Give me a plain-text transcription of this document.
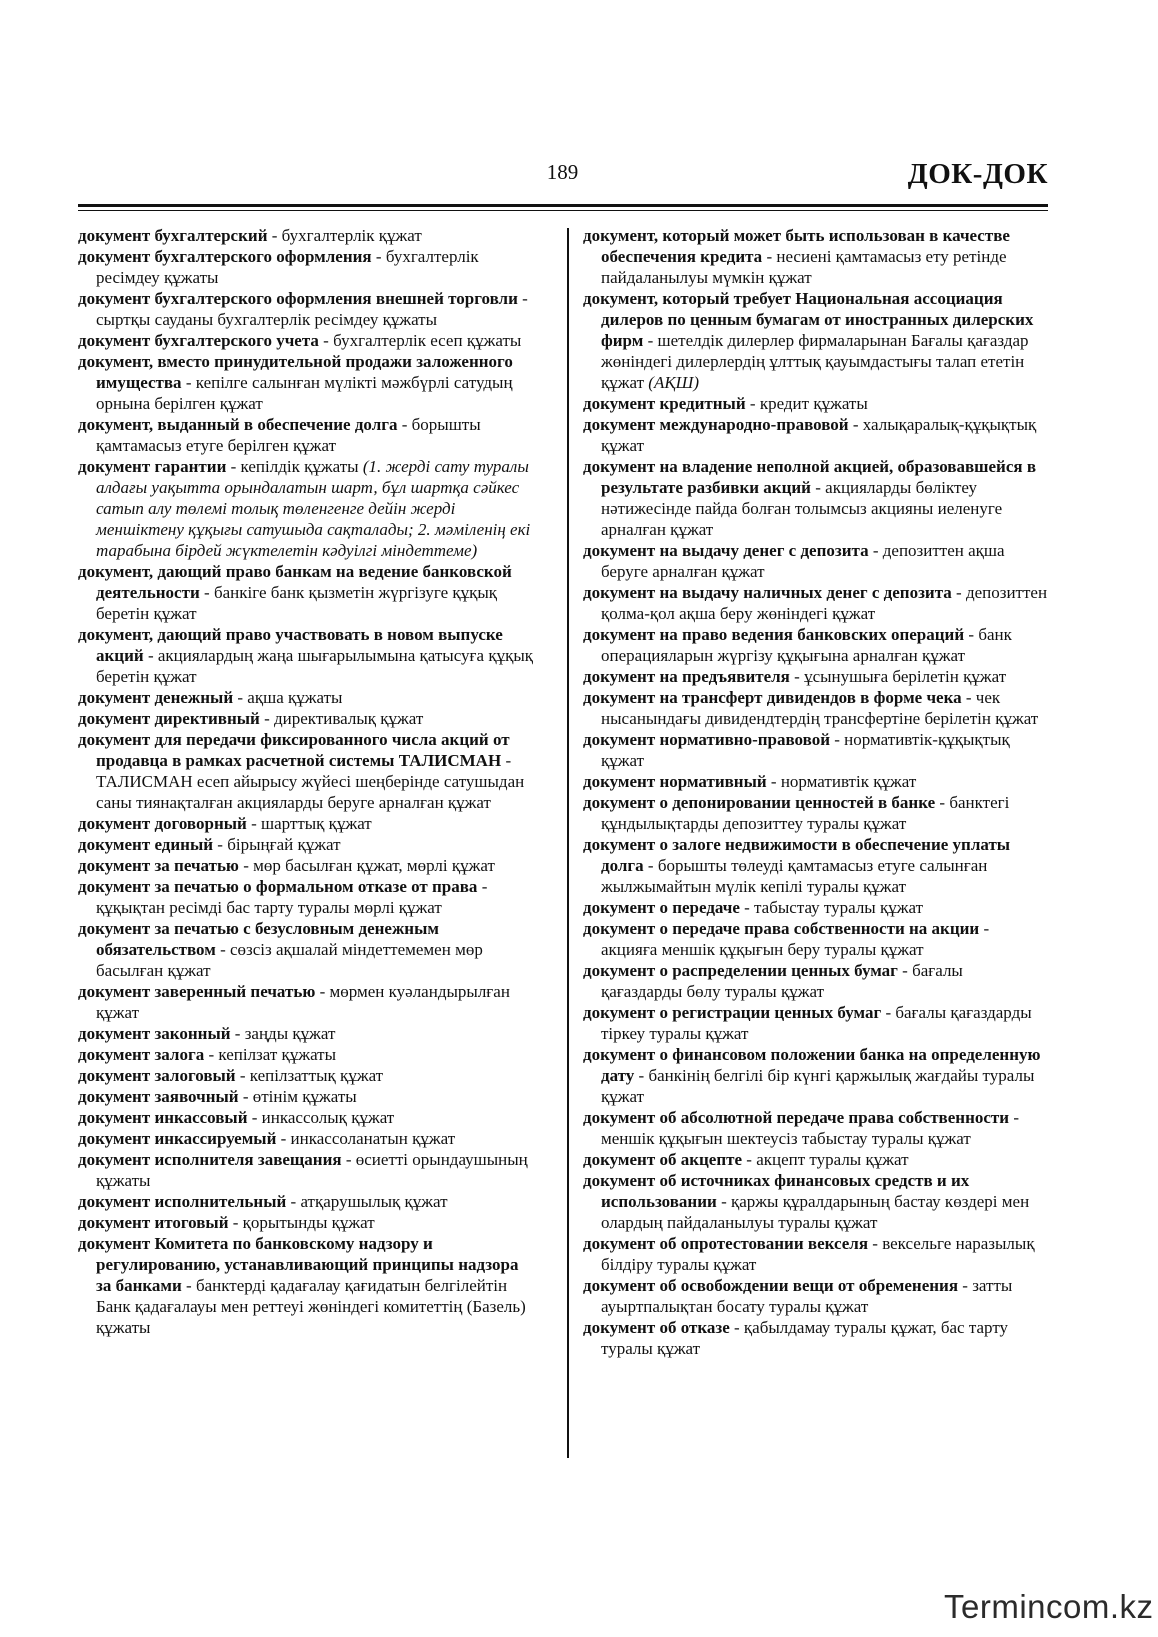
189	ДОК-ДОК

документ бухгалтерский - бухгалтерлік құжат

документ бухгалтерского оформления - бухгалтерлік ресімдеу құжаты

документ бухгалтерского оформления внешней торговли - сыртқы сауданы бухгалтерлік ресімдеу құжаты

документ бухгалтерского учета - бухгалтерлік есеп құжаты

документ, вместо принудительной продажи заложенного имущества - кепілге салынған мүлікті мәжбүрлі сатудың орнына берілген құжат

документ, выданный в обеспечение долга - борышты қамтамасыз етуге берілген құжат

документ гарантии - кепілдік құжаты (1. жерді сату туралы алдағы уақытта орындалатын шарт, бұл шартқа сәйкес сатып алу төлемі толық төленгенге дейін жерді меншіктену құқығы сатушыда сақталады; 2. мәміленің екі тарабына бірдей жүктелетін кәдуілгі міндеттеме)

документ, дающий право банкам на ведение банковской деятельности - банкіге банк қызметін жүргізуге құқық беретін құжат

документ, дающий право участвовать в новом выпуске акций - акциялардың жаңа шығарылымына қатысуға құқық беретін құжат

документ денежный - ақша құжаты

документ директивный - директивалық құжат

документ для передачи фиксированного числа акций от продавца в рамках расчетной системы ТАЛИСМАН - ТАЛИСМАН есеп айырысу жүйесі шеңберінде сатушыдан саны тиянақталған акцияларды беруге арналған құжат

документ договорный - шарттық құжат

документ единый - бірыңғай құжат

документ за печатью - мөр басылған құжат, мөрлі құжат

документ за печатью о формальном отказе от права - құқықтан ресімді бас тарту туралы мөрлі құжат

документ за печатью с безусловным денежным обязательством - сөзсіз ақшалай міндеттемемен мөр басылған құжат

документ заверенный печатью - мөрмен куәландырылған құжат

документ законный - заңды құжат

документ залога - кепілзат құжаты

документ залоговый - кепілзаттық құжат

документ заявочный - өтінім құжаты

документ инкассовый - инкассолық құжат

документ инкассируемый - инкассоланатын құжат

документ исполнителя завещания - өсиетті орындаушының құжаты

документ исполнительный - атқарушылық құжат

документ итоговый - қорытынды құжат

документ Комитета по банковскому надзору и регулированию, устанавливающий принципы надзора за банками - банктерді қадағалау қағидатын белгілейтін Банк қадағалауы мен реттеуі жөніндегі комитеттің (Базель) құжаты

документ, который может быть использован в качестве обеспечения кредита - несиені қамтамасыз ету ретінде пайдаланылуы мүмкін құжат

документ, который требует Национальная ассоциация дилеров по ценным бумагам от иностранных дилерских фирм - шетелдік дилерлер фирмаларынан Бағалы қағаздар жөніндегі дилерлердің ұлттық қауымдастығы талап ететін құжат (АҚШ)

документ кредитный - кредит құжаты

документ международно-правовой - халықаралық-құқықтық құжат

документ на владение неполной акцией, образовавшейся в результате разбивки акций - акцияларды бөліктеу нәтижесінде пайда болған толымсыз акцияны иеленуге арналған құжат

документ на выдачу денег с депозита - депозиттен ақша беруге арналған құжат

документ на выдачу наличных денег с депозита - депозиттен қолма-қол ақша беру жөніндегі құжат

документ на право ведения банковских операций - банк операцияларын жүргізу құқығына арналған құжат

документ на предъявителя - ұсынушыға берілетін құжат

документ на трансферт дивидендов в форме чека - чек нысанындағы дивидендтердің трансфертіне берілетін құжат

документ нормативно-правовой - нормативтік-құқықтық құжат

документ нормативный - нормативтік құжат

документ о депонировании ценностей в банке - банктегі құндылықтарды депозиттеу туралы құжат

документ о залоге недвижимости в обеспечение уплаты долга - борышты төлеуді қамтамасыз етуге салынған жылжымайтын мүлік кепілі туралы құжат

документ о передаче - табыстау туралы құжат

документ о передаче права собственности на акции - акцияға меншік құқығын беру туралы құжат

документ о распределении ценных бумаг - бағалы қағаздарды бөлу туралы құжат

документ о регистрации ценных бумаг - бағалы қағаздарды тіркеу туралы құжат

документ о финансовом положении банка на определенную дату - банкінің белгілі бір күнгі қаржылық жағдайы туралы құжат

документ об абсолютной передаче права собственности - меншік құқығын шектеусіз табыстау туралы құжат

документ об акцепте - акцепт туралы құжат

документ об источниках финансовых средств и их использовании - қаржы құралдарының бастау көздері мен олардың пайдаланылуы туралы құжат

документ об опротестовании векселя - вексельге наразылық білдіру туралы құжат

документ об освобождении вещи от обременения - затты ауыртпалықтан босату туралы құжат

документ об отказе - қабылдамау туралы құжат, бас тарту туралы құжат

Termincom.kz
